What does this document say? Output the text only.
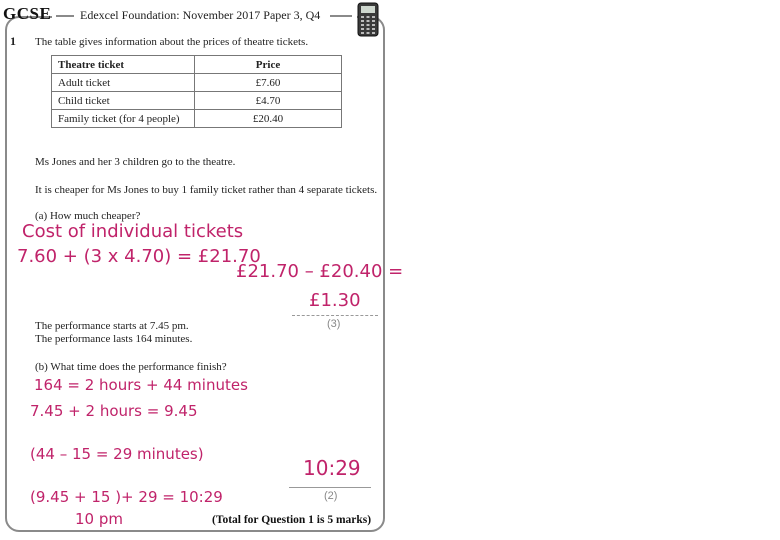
GCSE Edexcel Foundation: November 2017 Paper 3, Q4
1 The table gives information about the prices of theatre tickets.
Theatre ticket	Price
Adult ticket	£7.60
Child ticket	£4.70
Family ticket (for 4 people)	£20.40
Ms Jones and her 3 children go to the theatre.
It is cheaper for Ms Jones to buy 1 family ticket rather than 4 separate tickets.
(a) How much cheaper?
Cost of individual tickets
7.60 + (3 x 4.70) = £21.70
£21.70 – £20.40 =
£1.30
(3)
The performance starts at 7.45 pm.
The performance lasts 164 minutes.
(b) What time does the performance finish?
164 = 2 hours + 44 minutes
7.45 + 2 hours = 9.45
(44 – 15 = 29 minutes)
(9.45 + 15 )+ 29 = 10:29
10 pm
10:29
(2)
(Total for Question 1 is 5 marks)
